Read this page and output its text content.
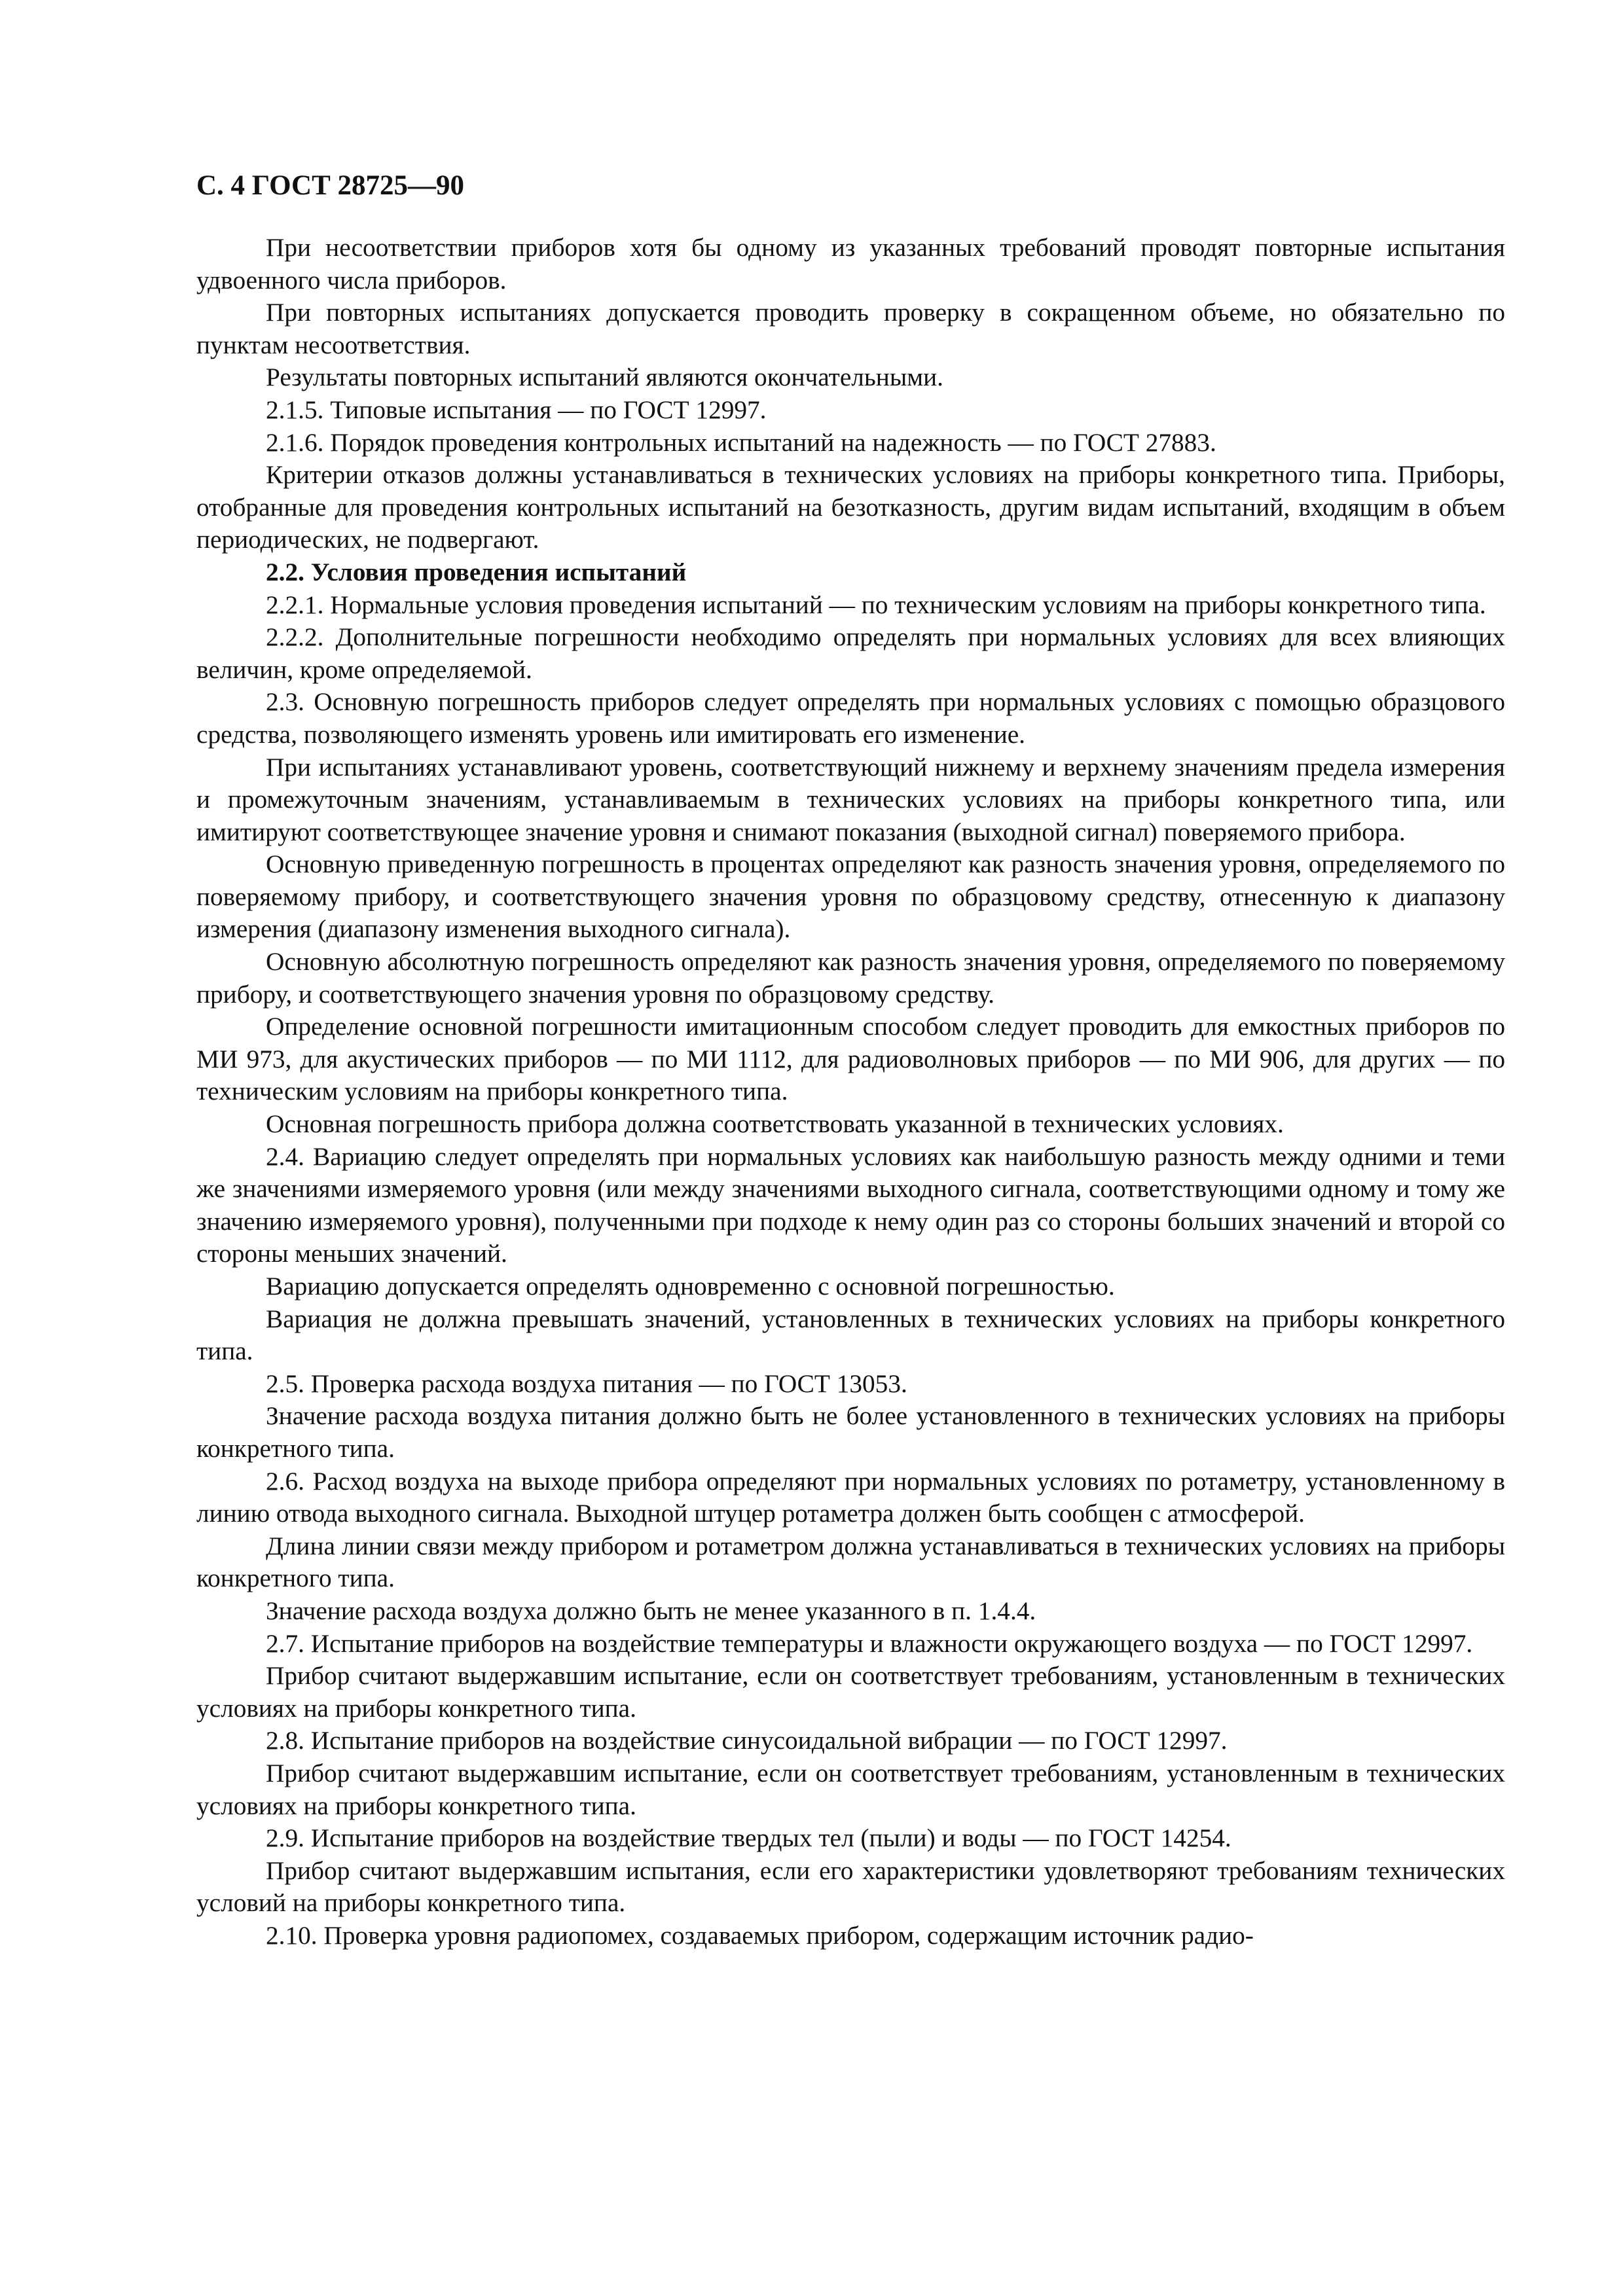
С. 4 ГОСТ 28725—90

При несоответствии приборов хотя бы одному из указанных требований проводят повторные испытания удвоенного числа приборов.

При повторных испытаниях допускается проводить проверку в сокращенном объеме, но обязательно по пунктам несоответствия.

Результаты повторных испытаний являются окончательными.

2.1.5. Типовые испытания — по ГОСТ 12997.

2.1.6. Порядок проведения контрольных испытаний на надежность — по ГОСТ 27883.

Критерии отказов должны устанавливаться в технических условиях на приборы конкретного типа. Приборы, отобранные для проведения контрольных испытаний на безотказность, другим видам испытаний, входящим в объем периодических, не подвергают.

2.2. Условия проведения испытаний

2.2.1. Нормальные условия проведения испытаний — по техническим условиям на приборы конкретного типа.

2.2.2. Дополнительные погрешности необходимо определять при нормальных условиях для всех влияющих величин, кроме определяемой.

2.3. Основную погрешность приборов следует определять при нормальных условиях с помощью образцового средства, позволяющего изменять уровень или имитировать его изменение.

При испытаниях устанавливают уровень, соответствующий нижнему и верхнему значениям предела измерения и промежуточным значениям, устанавливаемым в технических условиях на приборы конкретного типа, или имитируют соответствующее значение уровня и снимают показания (выходной сигнал) поверяемого прибора.

Основную приведенную погрешность в процентах определяют как разность значения уровня, определяемого по поверяемому прибору, и соответствующего значения уровня по образцовому средству, отнесенную к диапазону измерения (диапазону изменения выходного сигнала).

Основную абсолютную погрешность определяют как разность значения уровня, определяемого по поверяемому прибору, и соответствующего значения уровня по образцовому средству.

Определение основной погрешности имитационным способом следует проводить для емкостных приборов по МИ 973, для акустических приборов — по МИ 1112, для радиоволновых приборов — по МИ 906, для других — по техническим условиям на приборы конкретного типа.

Основная погрешность прибора должна соответствовать указанной в технических условиях.

2.4. Вариацию следует определять при нормальных условиях как наибольшую разность между одними и теми же значениями измеряемого уровня (или между значениями выходного сигнала, соответствующими одному и тому же значению измеряемого уровня), полученными при подходе к нему один раз со стороны больших значений и второй со стороны меньших значений.

Вариацию допускается определять одновременно с основной погрешностью.

Вариация не должна превышать значений, установленных в технических условиях на приборы конкретного типа.

2.5. Проверка расхода воздуха питания — по ГОСТ 13053.

Значение расхода воздуха питания должно быть не более установленного в технических условиях на приборы конкретного типа.

2.6. Расход воздуха на выходе прибора определяют при нормальных условиях по ротаметру, установленному в линию отвода выходного сигнала. Выходной штуцер ротаметра должен быть сообщен с атмосферой.

Длина линии связи между прибором и ротаметром должна устанавливаться в технических условиях на приборы конкретного типа.

Значение расхода воздуха должно быть не менее указанного в п. 1.4.4.

2.7. Испытание приборов на воздействие температуры и влажности окружающего воздуха — по ГОСТ 12997.

Прибор считают выдержавшим испытание, если он соответствует требованиям, установленным в технических условиях на приборы конкретного типа.

2.8. Испытание приборов на воздействие синусоидальной вибрации — по ГОСТ 12997.

Прибор считают выдержавшим испытание, если он соответствует требованиям, установленным в технических условиях на приборы конкретного типа.

2.9. Испытание приборов на воздействие твердых тел (пыли) и воды — по ГОСТ 14254.

Прибор считают выдержавшим испытания, если его характеристики удовлетворяют требованиям технических условий на приборы конкретного типа.

2.10. Проверка уровня радиопомех, создаваемых прибором, содержащим источник радио-
